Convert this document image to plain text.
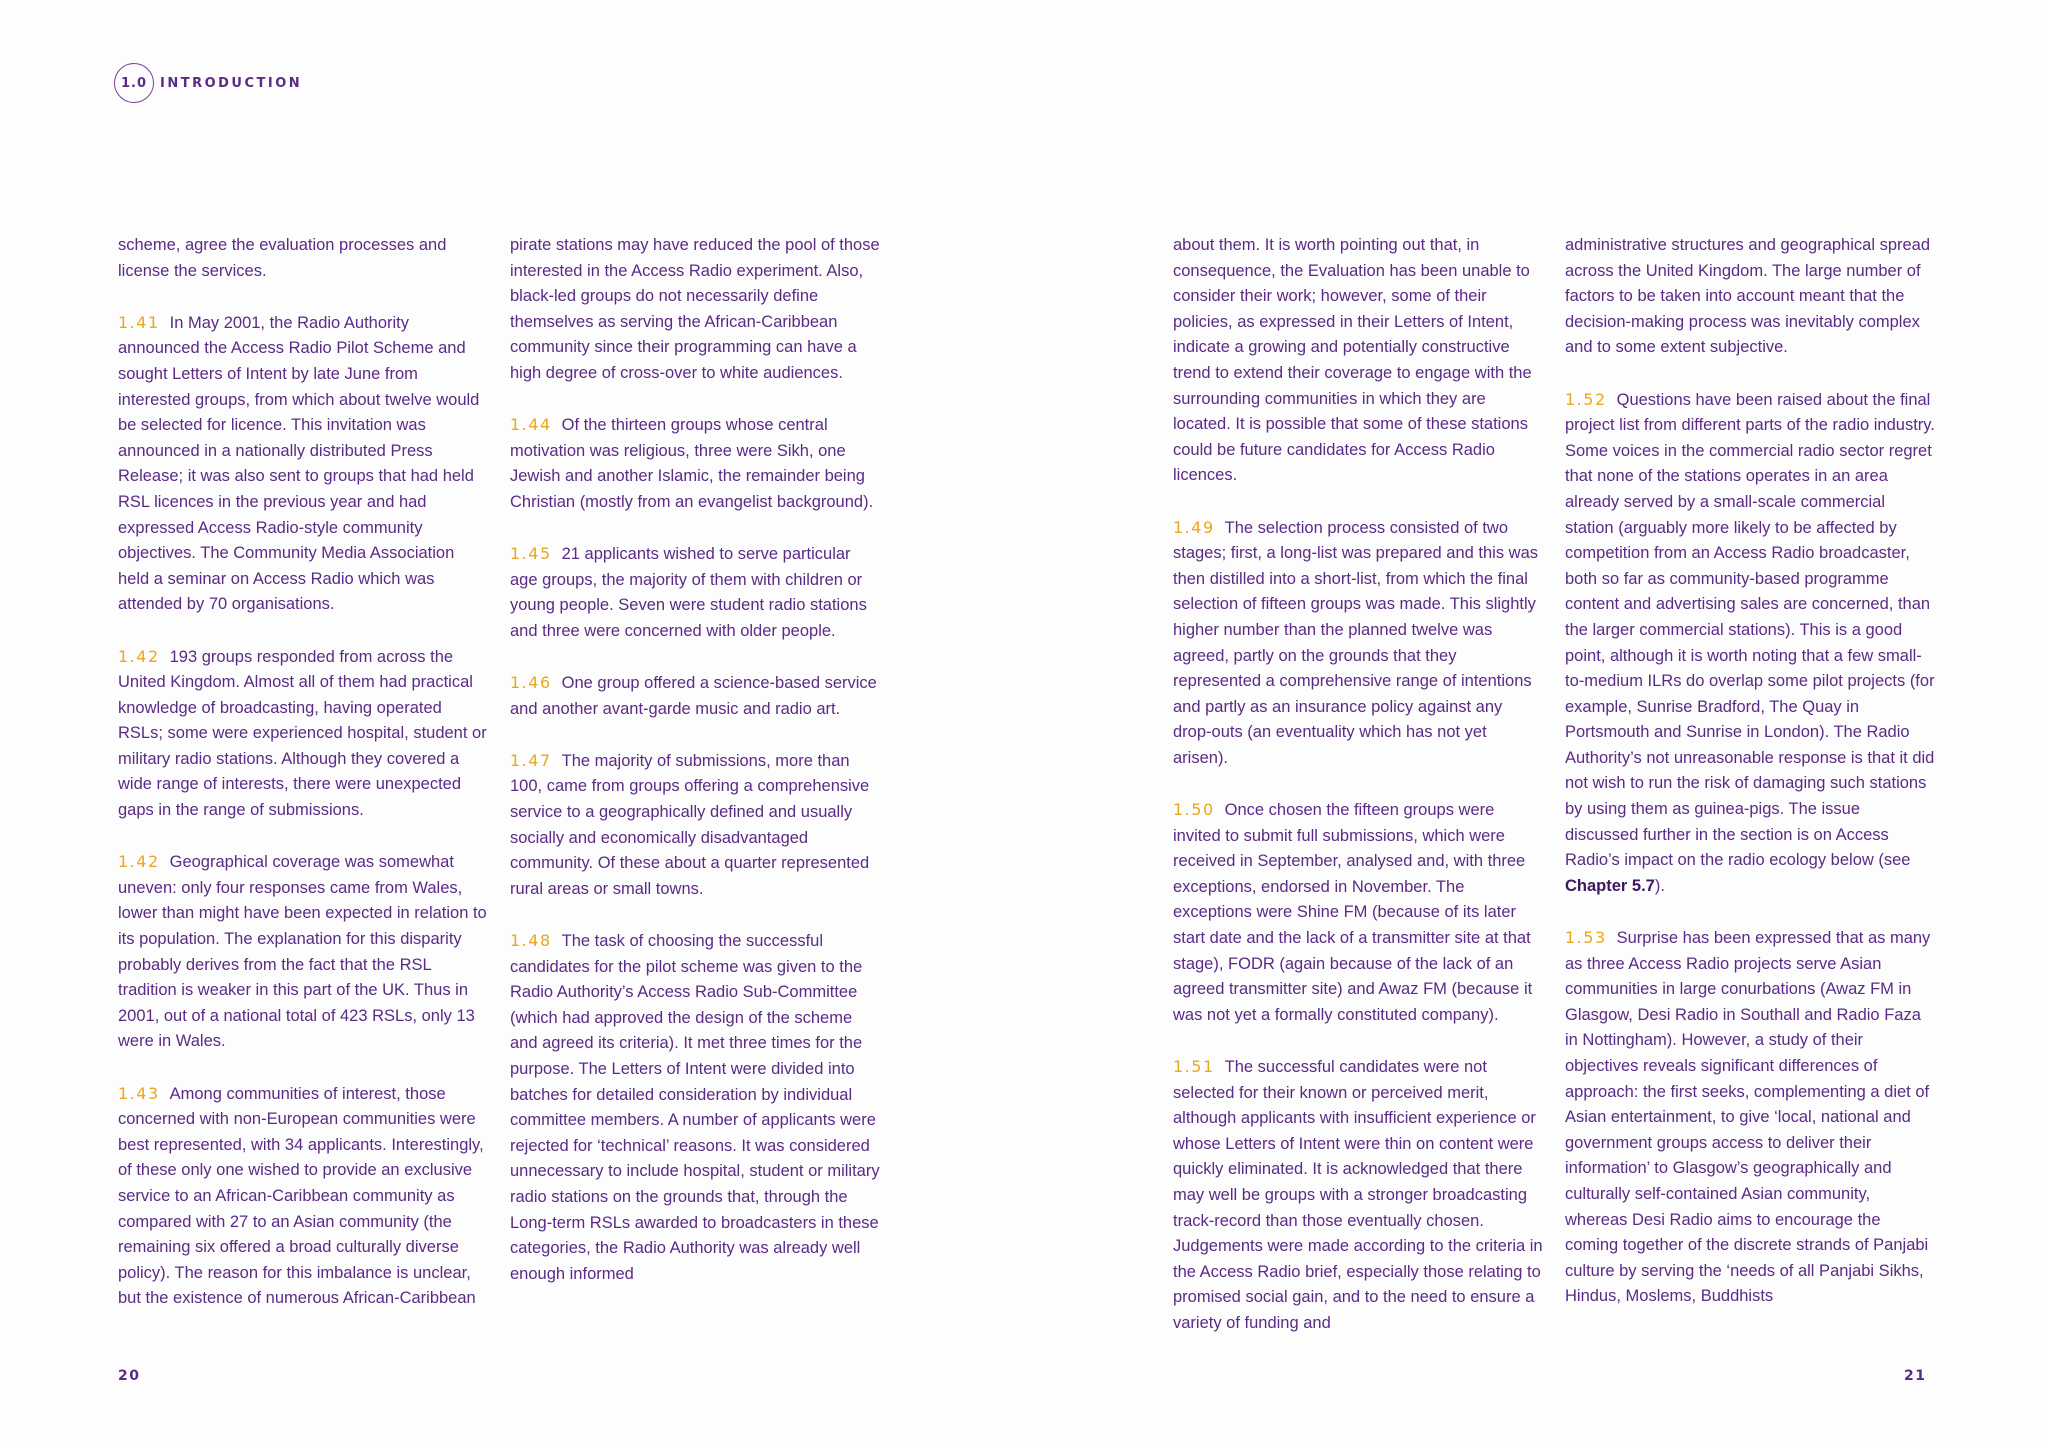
1.0 INTRODUCTION

scheme, agree the evaluation processes and license the services.

1.41 In May 2001, the Radio Authority announced the Access Radio Pilot Scheme and sought Letters of Intent by late June from interested groups, from which about twelve would be selected for licence. This invitation was announced in a nationally distributed Press Release; it was also sent to groups that had held RSL licences in the previous year and had expressed Access Radio-style community objectives. The Community Media Association held a seminar on Access Radio which was attended by 70 organisations.

1.42 193 groups responded from across the United Kingdom. Almost all of them had practical knowledge of broadcasting, having operated RSLs; some were experienced hospital, student or military radio stations. Although they covered a wide range of interests, there were unexpected gaps in the range of submissions.

1.42 Geographical coverage was somewhat uneven: only four responses came from Wales, lower than might have been expected in relation to its population. The explanation for this disparity probably derives from the fact that the RSL tradition is weaker in this part of the UK. Thus in 2001, out of a national total of 423 RSLs, only 13 were in Wales.

1.43 Among communities of interest, those concerned with non-European communities were best represented, with 34 applicants. Interestingly, of these only one wished to provide an exclusive service to an African-Caribbean community as compared with 27 to an Asian community (the remaining six offered a broad culturally diverse policy). The reason for this imbalance is unclear, but the existence of numerous African-Caribbean

pirate stations may have reduced the pool of those interested in the Access Radio experiment. Also, black-led groups do not necessarily define themselves as serving the African-Caribbean community since their programming can have a high degree of cross-over to white audiences.

1.44 Of the thirteen groups whose central motivation was religious, three were Sikh, one Jewish and another Islamic, the remainder being Christian (mostly from an evangelist background).

1.45 21 applicants wished to serve particular age groups, the majority of them with children or young people. Seven were student radio stations and three were concerned with older people.

1.46 One group offered a science-based service and another avant-garde music and radio art.

1.47 The majority of submissions, more than 100, came from groups offering a comprehensive service to a geographically defined and usually socially and economically disadvantaged community. Of these about a quarter represented rural areas or small towns.

1.48 The task of choosing the successful candidates for the pilot scheme was given to the Radio Authority’s Access Radio Sub-Committee (which had approved the design of the scheme and agreed its criteria). It met three times for the purpose. The Letters of Intent were divided into batches for detailed consideration by individual committee members. A number of applicants were rejected for ‘technical’ reasons. It was considered unnecessary to include hospital, student or military radio stations on the grounds that, through the Long-term RSLs awarded to broadcasters in these categories, the Radio Authority was already well enough informed

about them. It is worth pointing out that, in consequence, the Evaluation has been unable to consider their work; however, some of their policies, as expressed in their Letters of Intent, indicate a growing and potentially constructive trend to extend their coverage to engage with the surrounding communities in which they are located. It is possible that some of these stations could be future candidates for Access Radio licences.

1.49 The selection process consisted of two stages; first, a long-list was prepared and this was then distilled into a short-list, from which the final selection of fifteen groups was made. This slightly higher number than the planned twelve was agreed, partly on the grounds that they represented a comprehensive range of intentions and partly as an insurance policy against any drop-outs (an eventuality which has not yet arisen).

1.50 Once chosen the fifteen groups were invited to submit full submissions, which were received in September, analysed and, with three exceptions, endorsed in November. The exceptions were Shine FM (because of its later start date and the lack of a transmitter site at that stage), FODR (again because of the lack of an agreed transmitter site) and Awaz FM (because it was not yet a formally constituted company).

1.51 The successful candidates were not selected for their known or perceived merit, although applicants with insufficient experience or whose Letters of Intent were thin on content were quickly eliminated. It is acknowledged that there may well be groups with a stronger broadcasting track-record than those eventually chosen. Judgements were made according to the criteria in the Access Radio brief, especially those relating to promised social gain, and to the need to ensure a variety of funding and

administrative structures and geographical spread across the United Kingdom. The large number of factors to be taken into account meant that the decision-making process was inevitably complex and to some extent subjective.

1.52 Questions have been raised about the final project list from different parts of the radio industry. Some voices in the commercial radio sector regret that none of the stations operates in an area already served by a small-scale commercial station (arguably more likely to be affected by competition from an Access Radio broadcaster, both so far as community-based programme content and advertising sales are concerned, than the larger commercial stations). This is a good point, although it is worth noting that a few small-to-medium ILRs do overlap some pilot projects (for example, Sunrise Bradford, The Quay in Portsmouth and Sunrise in London). The Radio Authority’s not unreasonable response is that it did not wish to run the risk of damaging such stations by using them as guinea-pigs. The issue discussed further in the section is on Access Radio’s impact on the radio ecology below (see Chapter 5.7).

1.53 Surprise has been expressed that as many as three Access Radio projects serve Asian communities in large conurbations (Awaz FM in Glasgow, Desi Radio in Southall and Radio Faza in Nottingham). However, a study of their objectives reveals significant differences of approach: the first seeks, complementing a diet of Asian entertainment, to give ‘local, national and government groups access to deliver their information’ to Glasgow’s geographically and culturally self-contained Asian community, whereas Desi Radio aims to encourage the coming together of the discrete strands of Panjabi culture by serving the ‘needs of all Panjabi Sikhs, Hindus, Moslems, Buddhists

20	21
